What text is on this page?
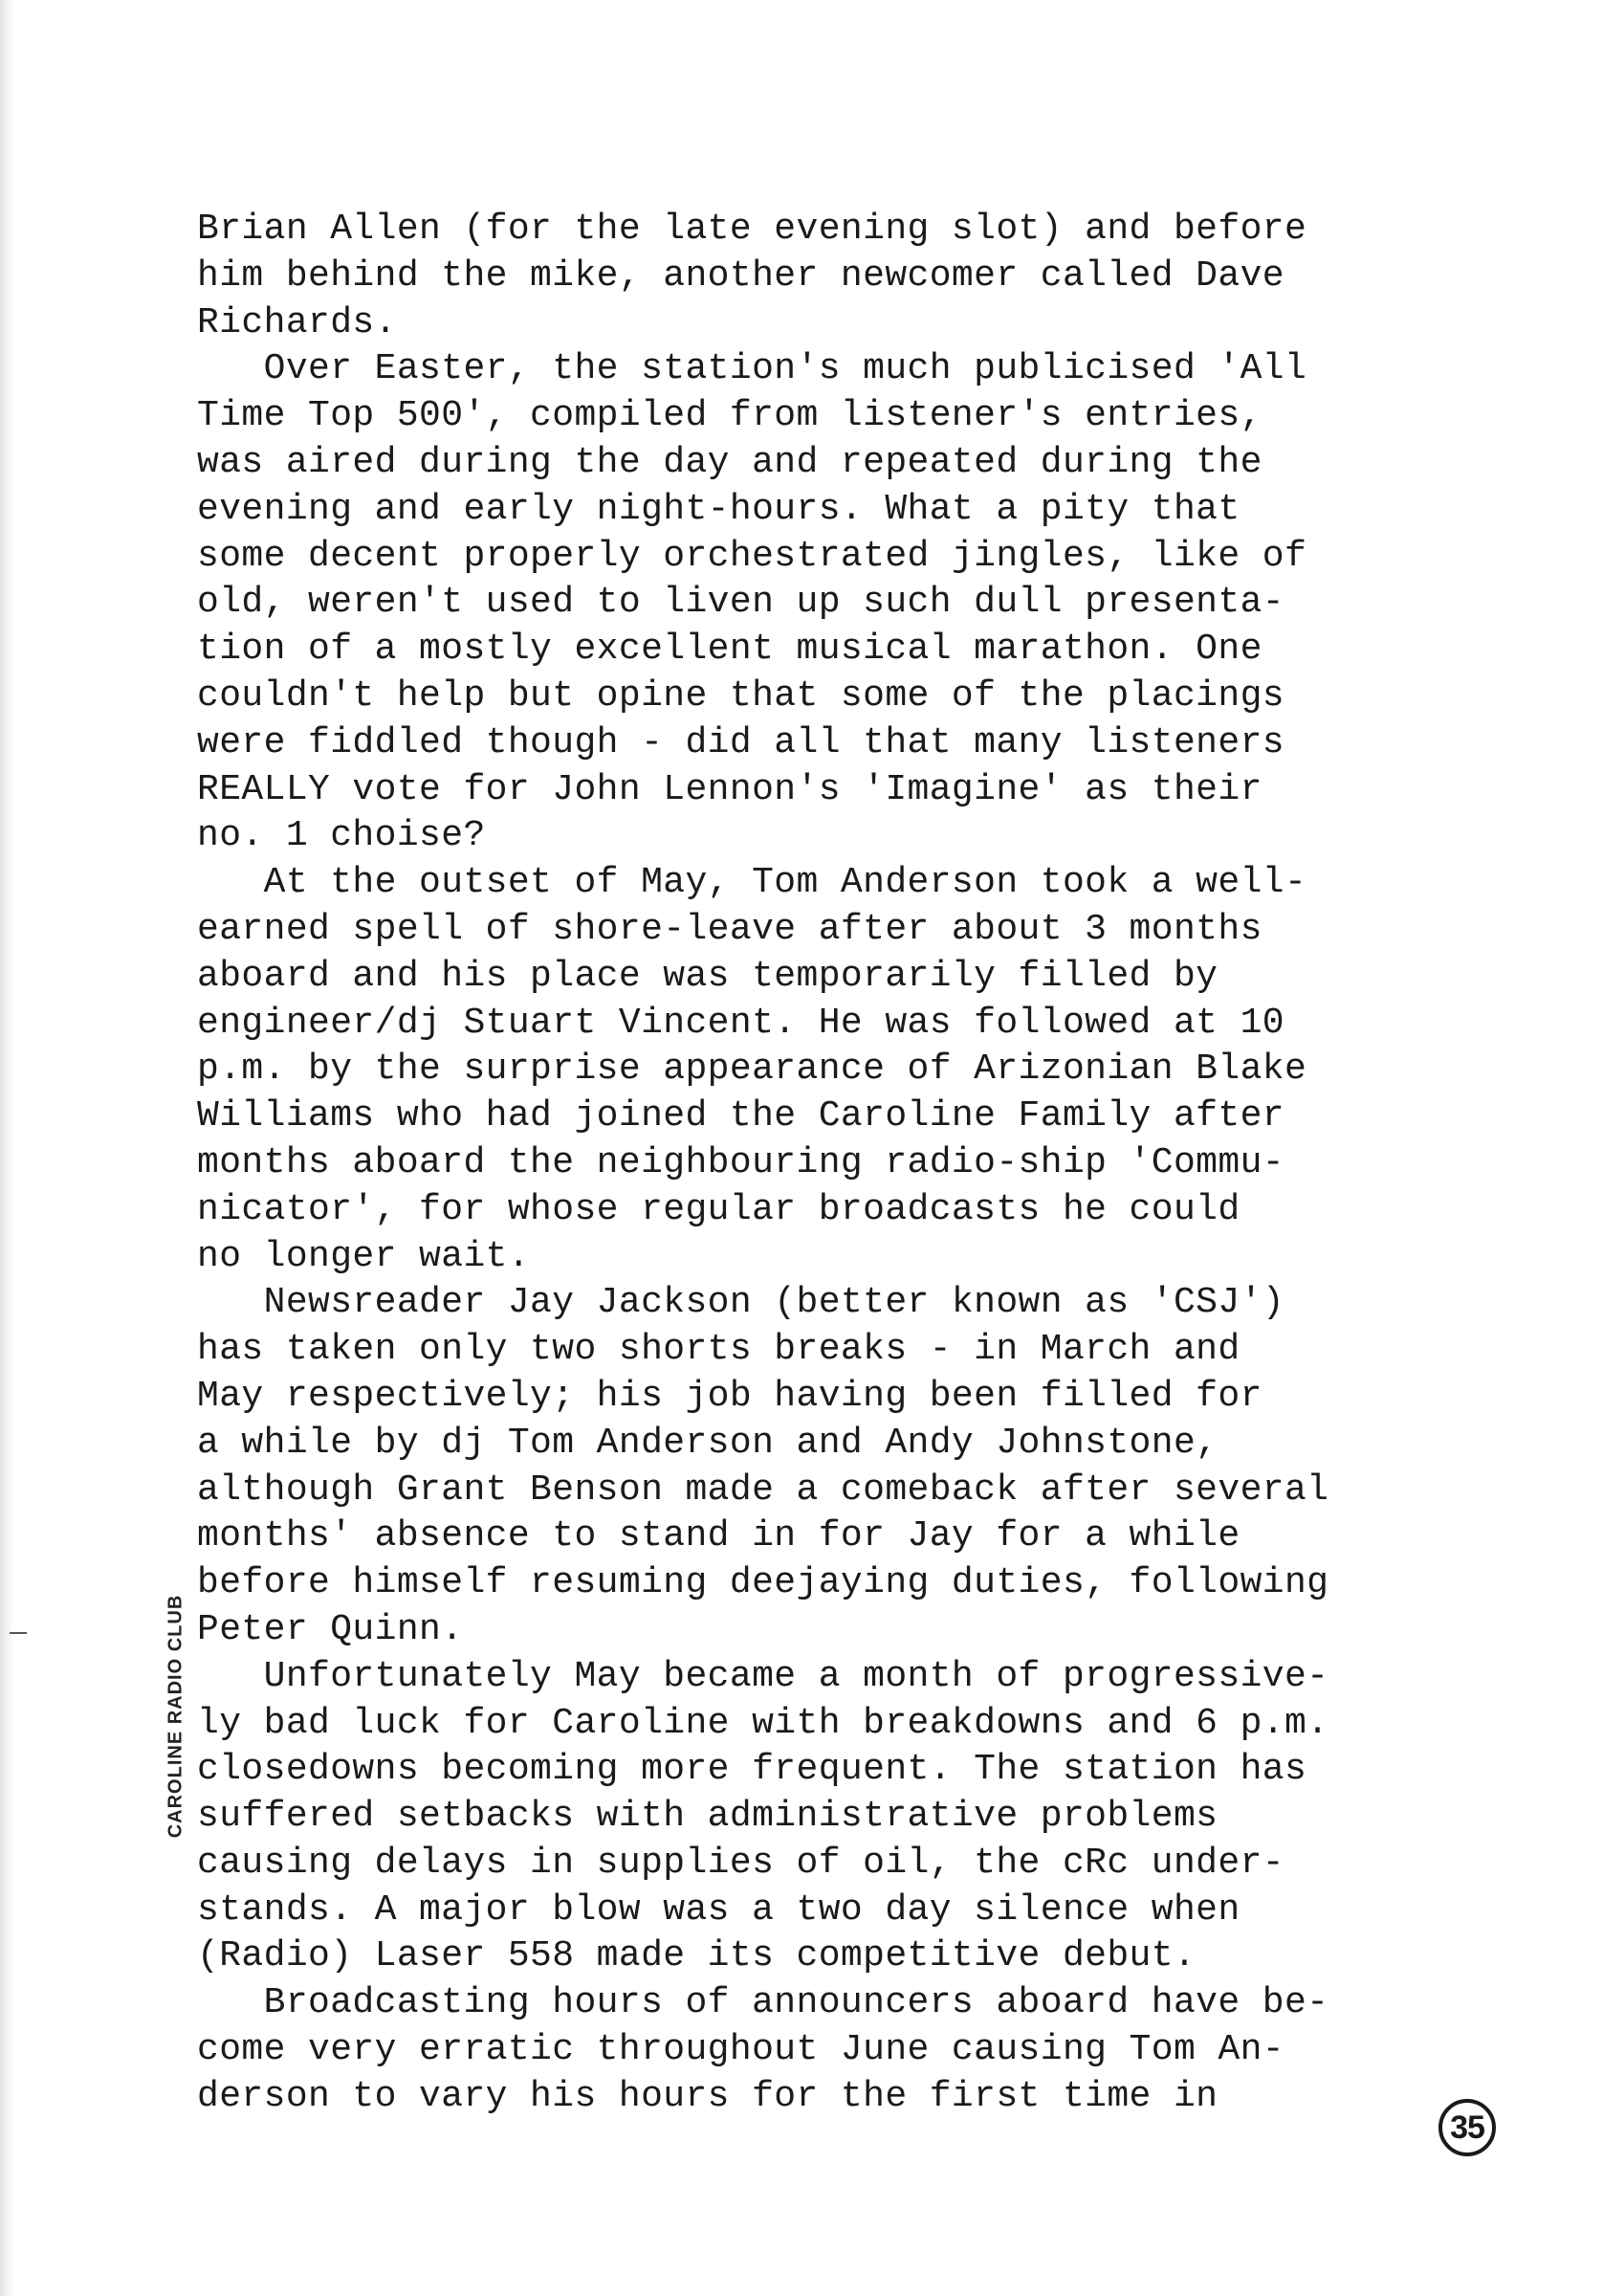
Brian Allen (for the late evening slot) and before
him behind the mike, another newcomer called Dave
Richards.
Over Easter, the station's much publicised 'All
Time Top 500', compiled from listener's entries,
was aired during the day and repeated during the
evening and early night-hours. What a pity that
some decent properly orchestrated jingles, like of
old, weren't used to liven up such dull presenta-
tion of a mostly excellent musical marathon. One
couldn't help but opine that some of the placings
were fiddled though - did all that many listeners
REALLY vote for John Lennon's 'Imagine' as their
no. 1 choise?
At the outset of May, Tom Anderson took a well-
earned spell of shore-leave after about 3 months
aboard and his place was temporarily filled by
engineer/dj Stuart Vincent. He was followed at 10
p.m. by the surprise appearance of Arizonian Blake
Williams who had joined the Caroline Family after
months aboard the neighbouring radio-ship 'Commu-
nicator', for whose regular broadcasts he could
no longer wait.
Newsreader Jay Jackson (better known as 'CSJ')
has taken only two shorts breaks - in March and
May respectively; his job having been filled for
a while by dj Tom Anderson and Andy Johnstone,
although Grant Benson made a comeback after several
months' absence to stand in for Jay for a while
before himself resuming deejaying duties, following
Peter Quinn.
Unfortunately May became a month of progressive-
ly bad luck for Caroline with breakdowns and 6 p.m.
closedowns becoming more frequent. The station has
suffered setbacks with administrative problems
causing delays in supplies of oil, the cRc under-
stands. A major blow was a two day silence when
(Radio) Laser 558 made its competitive debut.
Broadcasting hours of announcers aboard have be-
come very erratic throughout June causing Tom An-
derson to vary his hours for the first time in
CAROLINE RADIO CLUB
35
